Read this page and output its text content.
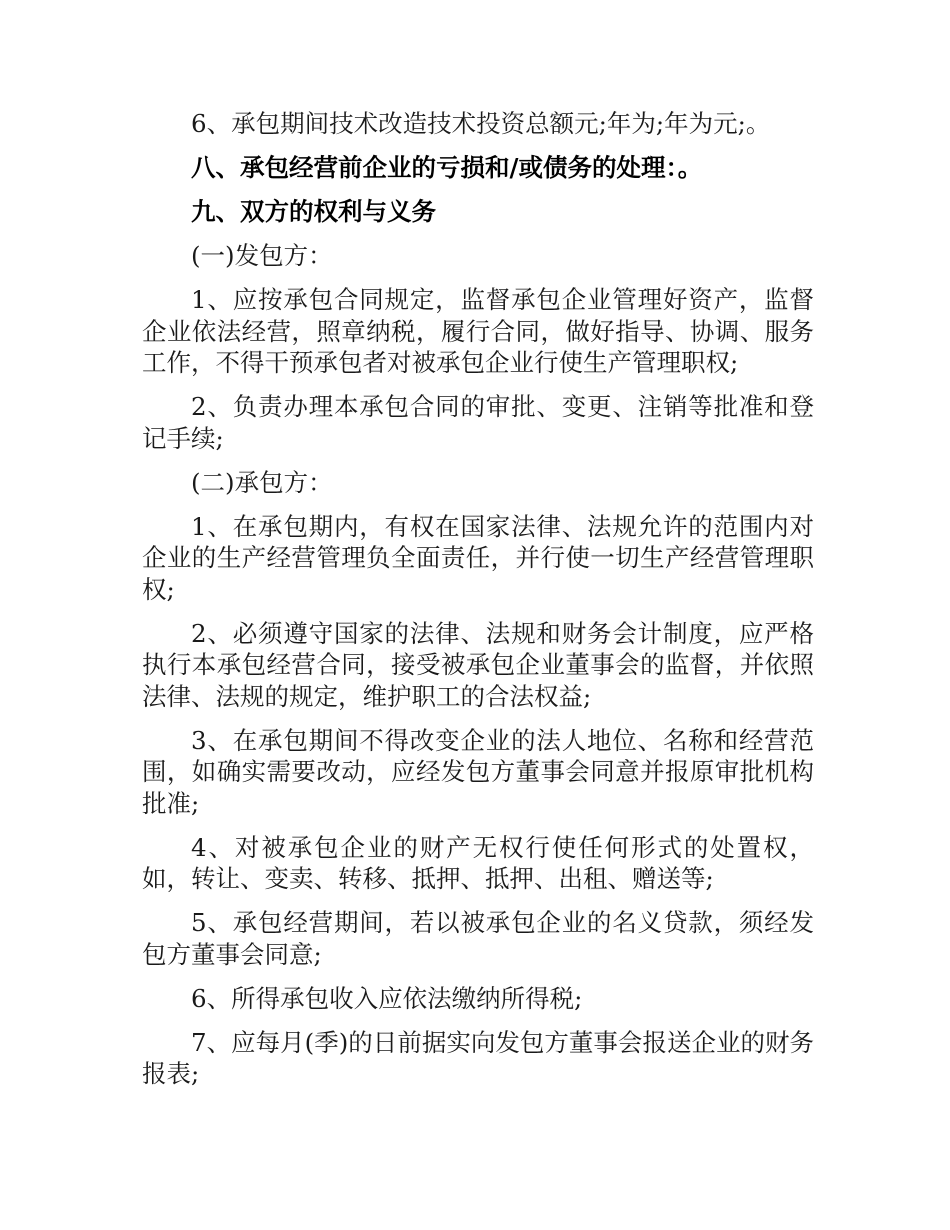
6、承包期间技术改造技术投资总额元;年为;年为元;。

八、承包经营前企业的亏损和/或债务的处理：。

九、双方的权利与义务

(一)发包方：

1、应按承包合同规定，监督承包企业管理好资产，监督企业依法经营，照章纳税，履行合同，做好指导、协调、服务工作，不得干预承包者对被承包企业行使生产管理职权;

2、负责办理本承包合同的审批、变更、注销等批准和登记手续;

(二)承包方：

1、在承包期内，有权在国家法律、法规允许的范围内对企业的生产经营管理负全面责任，并行使一切生产经营管理职权;

2、必须遵守国家的法律、法规和财务会计制度，应严格执行本承包经营合同，接受被承包企业董事会的监督，并依照法律、法规的规定，维护职工的合法权益;

3、在承包期间不得改变企业的法人地位、名称和经营范围，如确实需要改动，应经发包方董事会同意并报原审批机构批准;

4、对被承包企业的财产无权行使任何形式的处置权，如，转让、变卖、转移、抵押、抵押、出租、赠送等;

5、承包经营期间，若以被承包企业的名义贷款，须经发包方董事会同意;

6、所得承包收入应依法缴纳所得税;

7、应每月(季)的日前据实向发包方董事会报送企业的财务报表;
